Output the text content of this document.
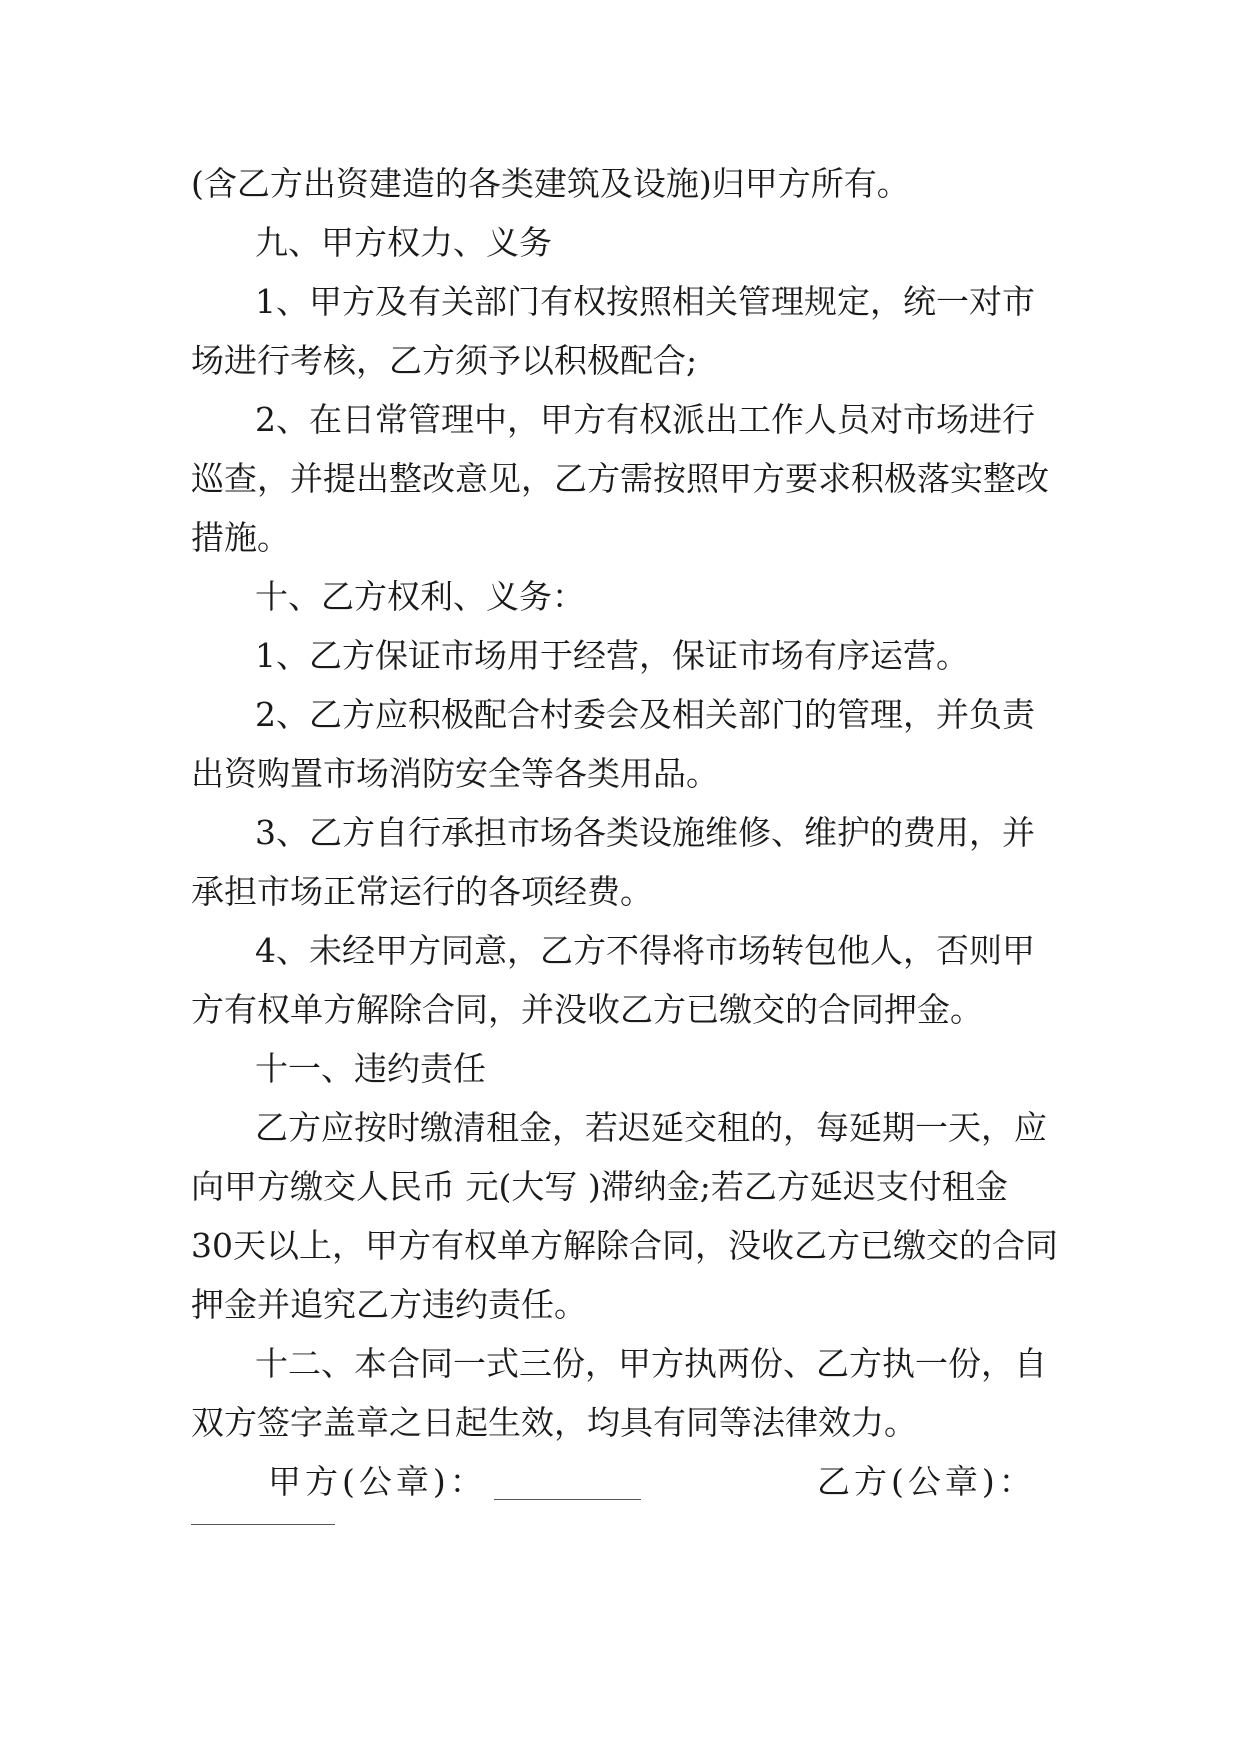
(含乙方出资建造的各类建筑及设施)归甲方所有。

九、甲方权力、义务

1、甲方及有关部门有权按照相关管理规定，统一对市

场进行考核，乙方须予以积极配合;

2、在日常管理中，甲方有权派出工作人员对市场进行

巡查，并提出整改意见，乙方需按照甲方要求积极落实整改

措施。

十、乙方权利、义务：

1、乙方保证市场用于经营，保证市场有序运营。

2、乙方应积极配合村委会及相关部门的管理，并负责

出资购置市场消防安全等各类用品。

3、乙方自行承担市场各类设施维修、维护的费用，并

承担市场正常运行的各项经费。

4、未经甲方同意，乙方不得将市场转包他人，否则甲

方有权单方解除合同，并没收乙方已缴交的合同押金。

十一、违约责任

乙方应按时缴清租金，若迟延交租的，每延期一天，应

向甲方缴交人民币 元(大写 )滞纳金;若乙方延迟支付租金

30天以上，甲方有权单方解除合同，没收乙方已缴交的合同

押金并追究乙方违约责任。

十二、本合同一式三份，甲方执两份、乙方执一份，自

双方签字盖章之日起生效，均具有同等法律效力。

甲方(公章)：	乙方(公章)：
